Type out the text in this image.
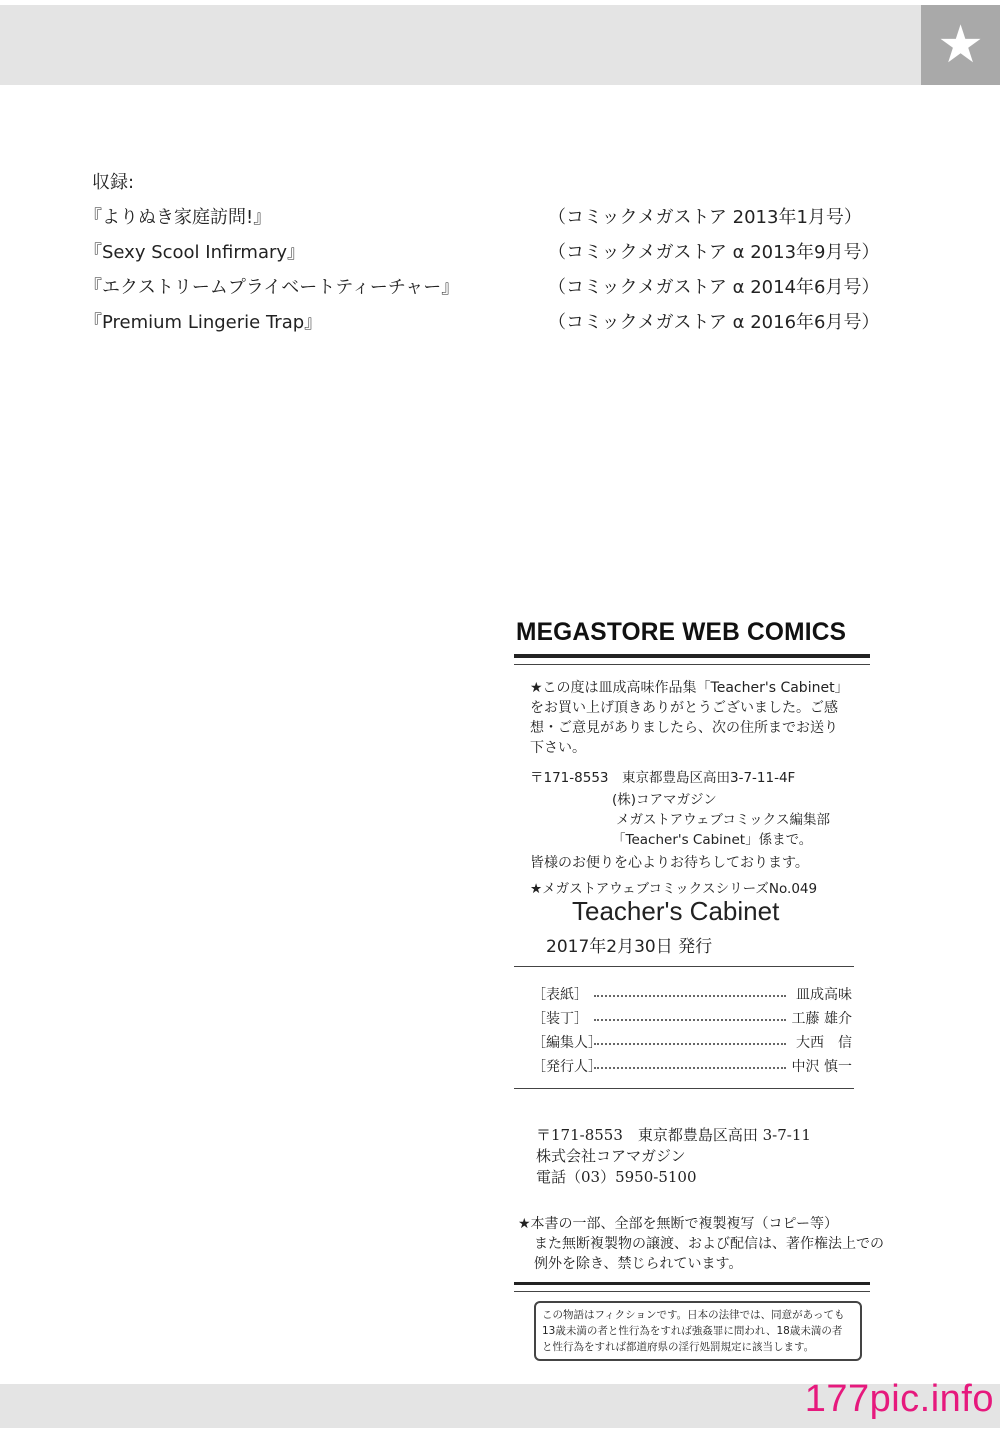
★
収録:
『よりぬき家庭訪問!』	（コミックメガストア 2013年1月号）
『Sexy Scool Infirmary』	（コミックメガストア α 2013年9月号）
『エクストリームプライベートティーチャー』	（コミックメガストア α 2014年6月号）
『Premium Lingerie Trap』	（コミックメガストア α 2016年6月号）
MEGASTORE WEB COMICS
★この度は皿成高味作品集「Teacher's Cabinet」
をお買い上げ頂きありがとうございました。ご感
想・ご意見がありましたら、次の住所までお送り
下さい。
〒171-8553　東京都豊島区高田3-7-11-4F
(株)コアマガジン
メガストアウェブコミックス編集部
「Teacher's Cabinet」係まで。
皆様のお便りを心よりお待ちしております。
★メガストアウェブコミックスシリーズNo.049
Teacher's Cabinet
2017年2月30日 発行
［表紙］	皿成高味
［装丁］	工藤 雄介
［編集人］	大西　信
［発行人］	中沢 慎一
〒171-8553　東京都豊島区高田 3-7-11
株式会社コアマガジン
電話（03）5950-5100
★本書の一部、全部を無断で複製複写（コピー等）
また無断複製物の譲渡、および配信は、著作権法上での
例外を除き、禁じられています。
この物語はフィクションです。日本の法律では、同意があっても
13歳未満の者と性行為をすれば強姦罪に問われ、18歳未満の者
と性行為をすれば都道府県の淫行処罰規定に該当します。
177pic.info
